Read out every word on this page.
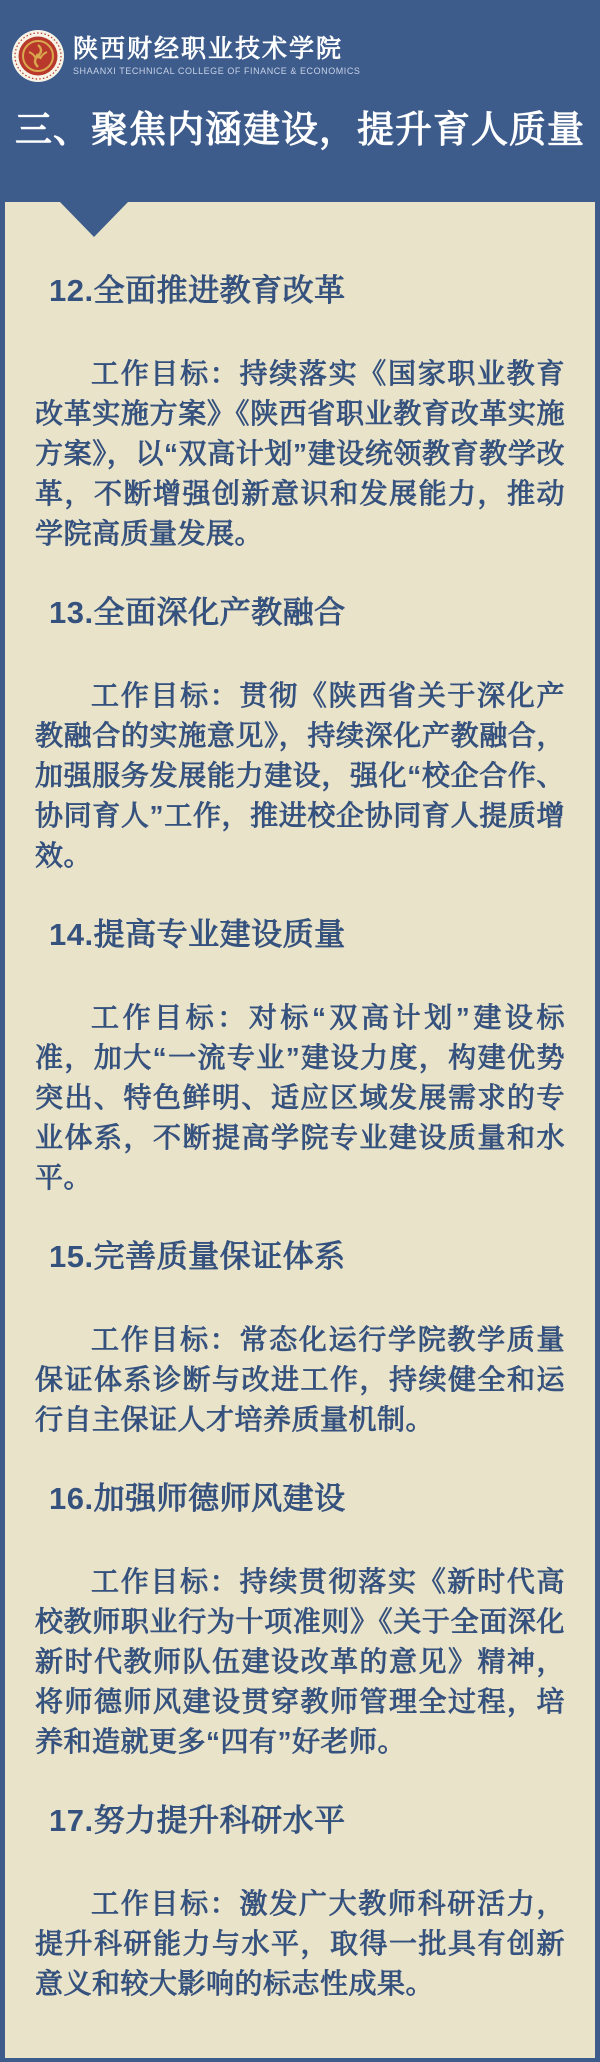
陕西财经职业技术学院
SHAANXI TECHNICAL COLLEGE OF FINANCE & ECONOMICS
三、聚焦内涵建设，提升育人质量
12.全面推进教育改革

工作目标：持续落实《国家职业教育改革实施方案》《陕西省职业教育改革实施方案》，以“双高计划”建设统领教育教学改革，不断增强创新意识和发展能力，推动学院高质量发展。

13.全面深化产教融合

工作目标：贯彻《陕西省关于深化产教融合的实施意见》，持续深化产教融合，加强服务发展能力建设，强化“校企合作、协同育人”工作，推进校企协同育人提质增效。

14.提高专业建设质量

工作目标：对标“双高计划”建设标准，加大“一流专业”建设力度，构建优势突出、特色鲜明、适应区域发展需求的专业体系，不断提高学院专业建设质量和水平。

15.完善质量保证体系

工作目标：常态化运行学院教学质量保证体系诊断与改进工作，持续健全和运行自主保证人才培养质量机制。

16.加强师德师风建设

工作目标：持续贯彻落实《新时代高校教师职业行为十项准则》《关于全面深化新时代教师队伍建设改革的意见》精神，将师德师风建设贯穿教师管理全过程，培养和造就更多“四有”好老师。

17.努力提升科研水平

工作目标：激发广大教师科研活力，提升科研能力与水平，取得一批具有创新意义和较大影响的标志性成果。
